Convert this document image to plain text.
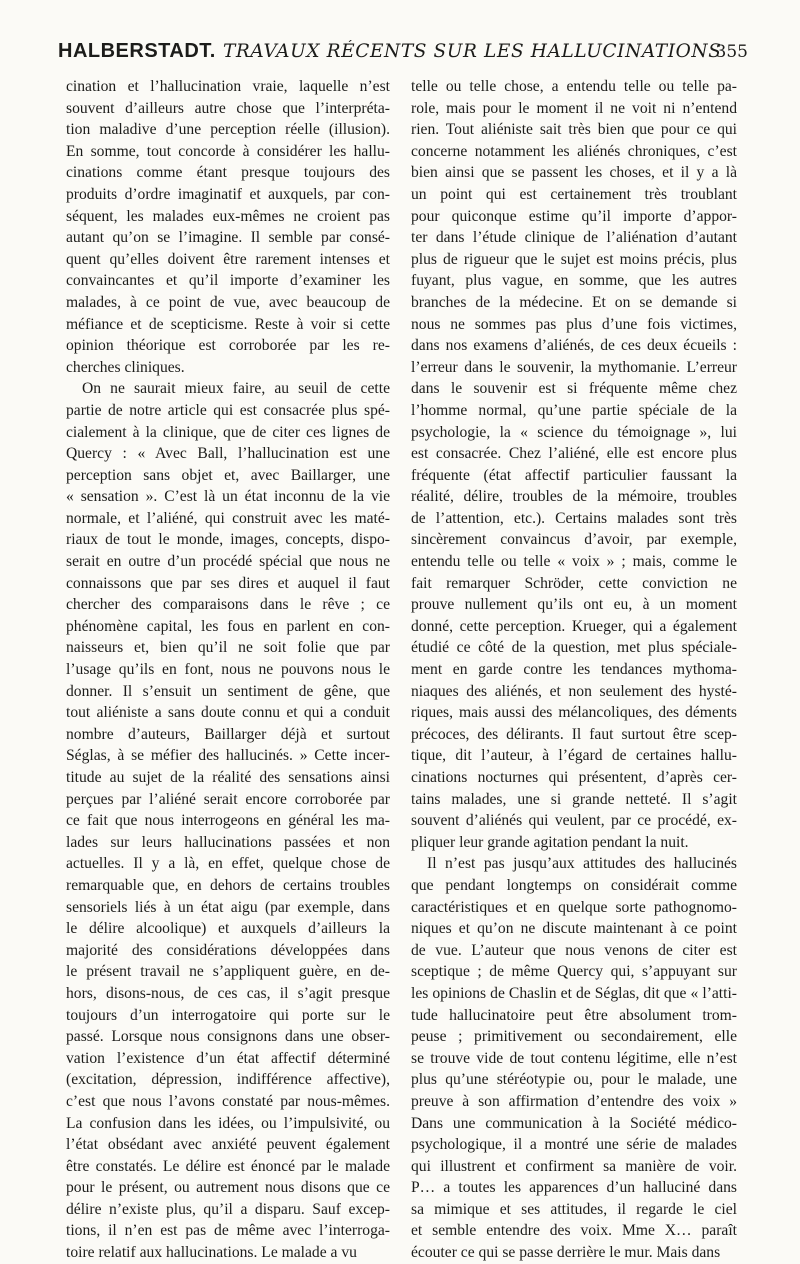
HALBERSTADT. TRAVAUX RÉCENTS SUR LES HALLUCINATIONS
355
cination et l’hallucination vraie, laquelle n’est
souvent d’ailleurs autre chose que l’interpréta-
tion maladive d’une perception réelle (illusion).
En somme, tout concorde à considérer les hallu-
cinations comme étant presque toujours des
produits d’ordre imaginatif et auxquels, par con-
séquent, les malades eux-mêmes ne croient pas
autant qu’on se l’imagine. Il semble par consé-
quent qu’elles doivent être rarement intenses et
convaincantes et qu’il importe d’examiner les
malades, à ce point de vue, avec beaucoup de
méfiance et de scepticisme. Reste à voir si cette
opinion théorique est corroborée par les re-
cherches cliniques.
On ne saurait mieux faire, au seuil de cette
partie de notre article qui est consacrée plus spé-
cialement à la clinique, que de citer ces lignes de
Quercy : « Avec Ball, l’hallucination est une
perception sans objet et, avec Baillarger, une
« sensation ». C’est là un état inconnu de la vie
normale, et l’aliéné, qui construit avec les maté-
riaux de tout le monde, images, concepts, dispo-
serait en outre d’un procédé spécial que nous ne
connaissons que par ses dires et auquel il faut
chercher des comparaisons dans le rêve ; ce
phénomène capital, les fous en parlent en con-
naisseurs et, bien qu’il ne soit folie que par
l’usage qu’ils en font, nous ne pouvons nous le
donner. Il s’ensuit un sentiment de gêne, que
tout aliéniste a sans doute connu et qui a conduit
nombre d’auteurs, Baillarger déjà et surtout
Séglas, à se méfier des hallucinés. » Cette incer-
titude au sujet de la réalité des sensations ainsi
perçues par l’aliéné serait encore corroborée par
ce fait que nous interrogeons en général les ma-
lades sur leurs hallucinations passées et non
actuelles. Il y a là, en effet, quelque chose de
remarquable que, en dehors de certains troubles
sensoriels liés à un état aigu (par exemple, dans
le délire alcoolique) et auxquels d’ailleurs la
majorité des considérations développées dans
le présent travail ne s’appliquent guère, en de-
hors, disons-nous, de ces cas, il s’agit presque
toujours d’un interrogatoire qui porte sur le
passé. Lorsque nous consignons dans une obser-
vation l’existence d’un état affectif déterminé
(excitation, dépression, indifférence affective),
c’est que nous l’avons constaté par nous-mêmes.
La confusion dans les idées, ou l’impulsivité, ou
l’état obsédant avec anxiété peuvent également
être constatés. Le délire est énoncé par le malade
pour le présent, ou autrement nous disons que ce
délire n’existe plus, qu’il a disparu. Sauf excep-
tions, il n’en est pas de même avec l’interroga-
toire relatif aux hallucinations. Le malade a vu
telle ou telle chose, a entendu telle ou telle pa-
role, mais pour le moment il ne voit ni n’entend
rien. Tout aliéniste sait très bien que pour ce qui
concerne notamment les aliénés chroniques, c’est
bien ainsi que se passent les choses, et il y a là
un point qui est certainement très troublant
pour quiconque estime qu’il importe d’appor-
ter dans l’étude clinique de l’aliénation d’autant
plus de rigueur que le sujet est moins précis, plus
fuyant, plus vague, en somme, que les autres
branches de la médecine. Et on se demande si
nous ne sommes pas plus d’une fois victimes,
dans nos examens d’aliénés, de ces deux écueils :
l’erreur dans le souvenir, la mythomanie. L’erreur
dans le souvenir est si fréquente même chez
l’homme normal, qu’une partie spéciale de la
psychologie, la « science du témoignage », lui
est consacrée. Chez l’aliéné, elle est encore plus
fréquente (état affectif particulier faussant la
réalité, délire, troubles de la mémoire, troubles
de l’attention, etc.). Certains malades sont très
sincèrement convaincus d’avoir, par exemple,
entendu telle ou telle « voix » ; mais, comme le
fait remarquer Schröder, cette conviction ne
prouve nullement qu’ils ont eu, à un moment
donné, cette perception. Krueger, qui a également
étudié ce côté de la question, met plus spéciale-
ment en garde contre les tendances mythoma-
niaques des aliénés, et non seulement des hysté-
riques, mais aussi des mélancoliques, des déments
précoces, des délirants. Il faut surtout être scep-
tique, dit l’auteur, à l’égard de certaines hallu-
cinations nocturnes qui présentent, d’après cer-
tains malades, une si grande netteté. Il s’agit
souvent d’aliénés qui veulent, par ce procédé, ex-
pliquer leur grande agitation pendant la nuit.
Il n’est pas jusqu’aux attitudes des hallucinés
que pendant longtemps on considérait comme
caractéristiques et en quelque sorte pathognomo-
niques et qu’on ne discute maintenant à ce point
de vue. L’auteur que nous venons de citer est
sceptique ; de même Quercy qui, s’appuyant sur
les opinions de Chaslin et de Séglas, dit que « l’atti-
tude hallucinatoire peut être absolument trom-
peuse ; primitivement ou secondairement, elle
se trouve vide de tout contenu légitime, elle n’est
plus qu’une stéréotypie ou, pour le malade, une
preuve à son affirmation d’entendre des voix »
Dans une communication à la Société médico-
psychologique, il a montré une série de malades
qui illustrent et confirment sa manière de voir.
P… a toutes les apparences d’un halluciné dans
sa mimique et ses attitudes, il regarde le ciel
et semble entendre des voix. Mme X… paraît
écouter ce qui se passe derrière le mur. Mais dans
